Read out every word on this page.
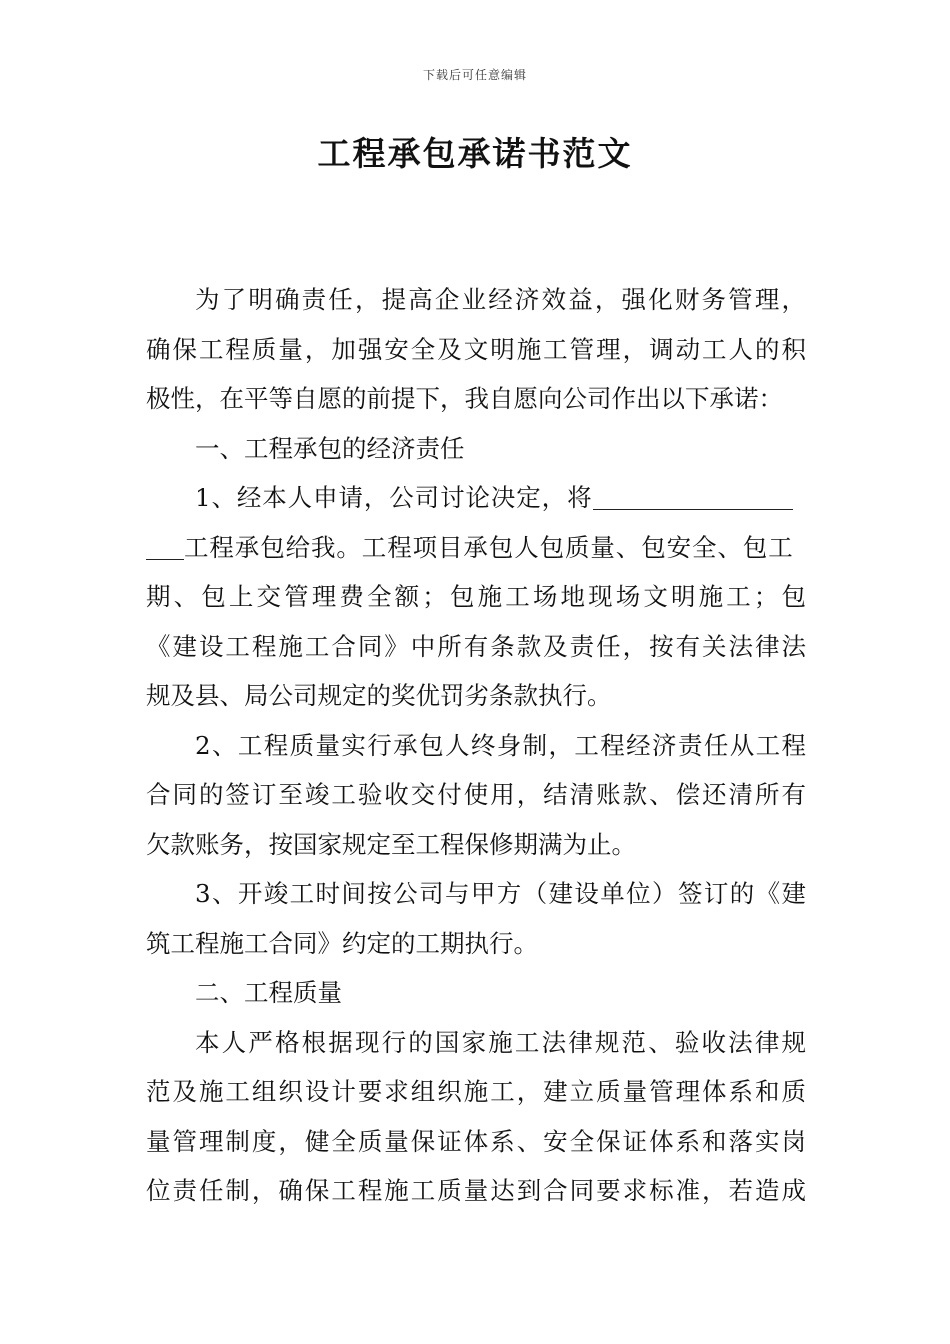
下载后可任意编辑
工程承包承诺书范文
为了明确责任，提高企业经济效益，强化财务管理，
确保工程质量，加强安全及文明施工管理，调动工人的积
极性，在平等自愿的前提下，我自愿向公司作出以下承诺：
一、工程承包的经济责任
1、经本人申请，公司讨论决定，将
工程承包给我。工程项目承包人包质量、包安全、包工
期、包上交管理费全额；包施工场地现场文明施工；包
《建设工程施工合同》中所有条款及责任，按有关法律法
规及县、局公司规定的奖优罚劣条款执行。
2、工程质量实行承包人终身制，工程经济责任从工程
合同的签订至竣工验收交付使用，结清账款、偿还清所有
欠款账务，按国家规定至工程保修期满为止。
3、开竣工时间按公司与甲方（建设单位）签订的《建
筑工程施工合同》约定的工期执行。
二、工程质量
本人严格根据现行的国家施工法律规范、验收法律规
范及施工组织设计要求组织施工，建立质量管理体系和质
量管理制度，健全质量保证体系、安全保证体系和落实岗
位责任制，确保工程施工质量达到合同要求标准，若造成
